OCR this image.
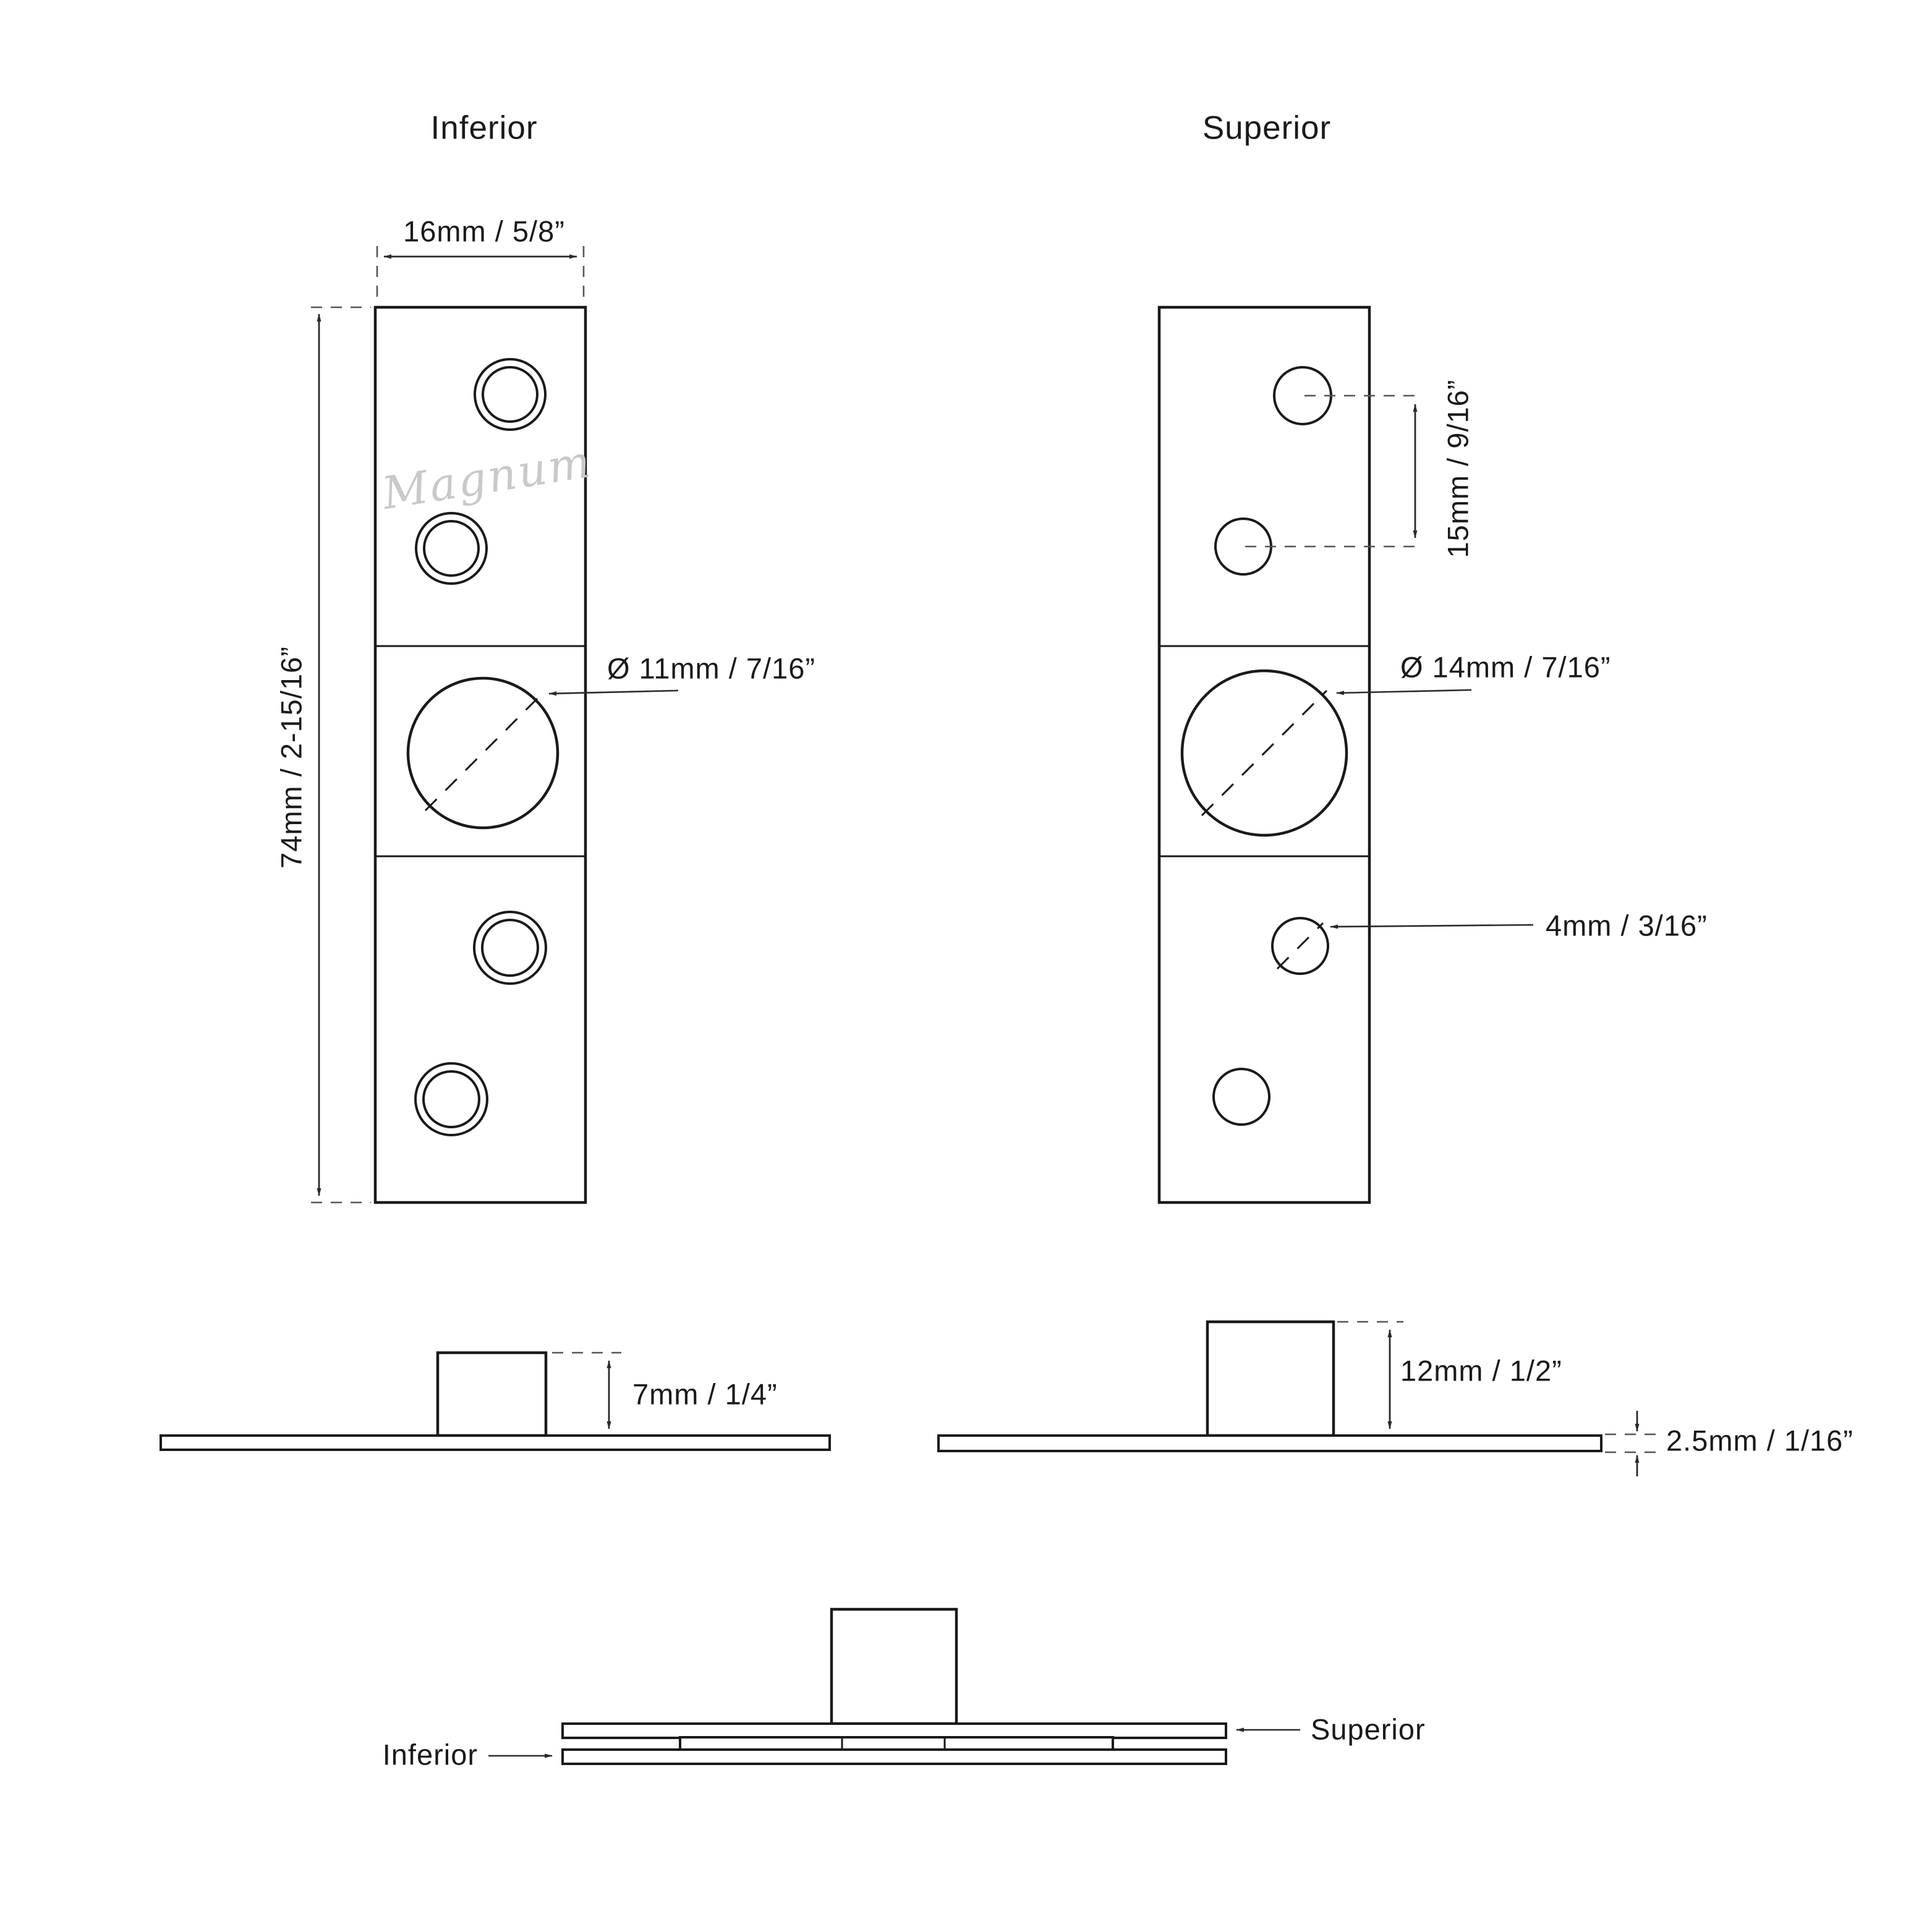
Inferior
Magnum
16mm / 5/8”
74mm / 2-15/16”	Ø 11mm / 7/16”
Superior
15mm / 9/16”
Ø 14mm / 7/16”
4mm / 3/16”
7mm / 1/4”
12mm / 1/2”
2.5mm / 1/16”
Inferior
Superior
